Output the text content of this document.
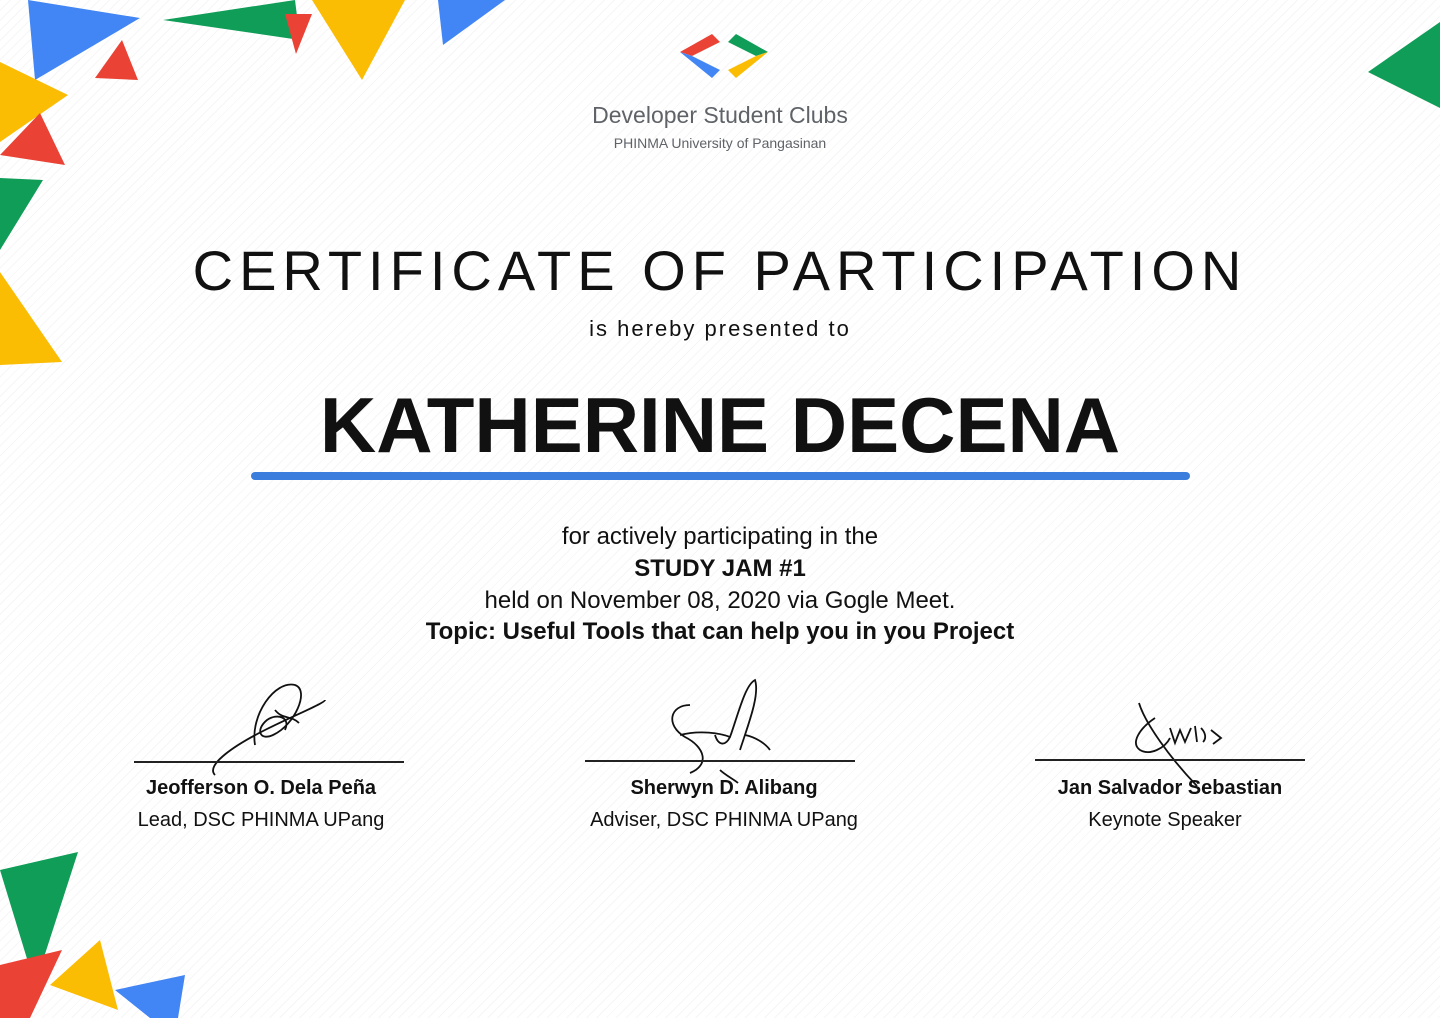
Developer Student Clubs
PHINMA University of Pangasinan
CERTIFICATE OF PARTICIPATION
is hereby presented to
KATHERINE DECENA
for actively participating in the
STUDY JAM #1
held on November 08, 2020 via Gogle Meet.
Topic: Useful Tools that can help you in you Project
Jeofferson O. Dela Peña
Lead, DSC PHINMA UPang
Sherwyn D. Alibang
Adviser, DSC PHINMA UPang
Jan Salvador Sebastian
Keynote Speaker
